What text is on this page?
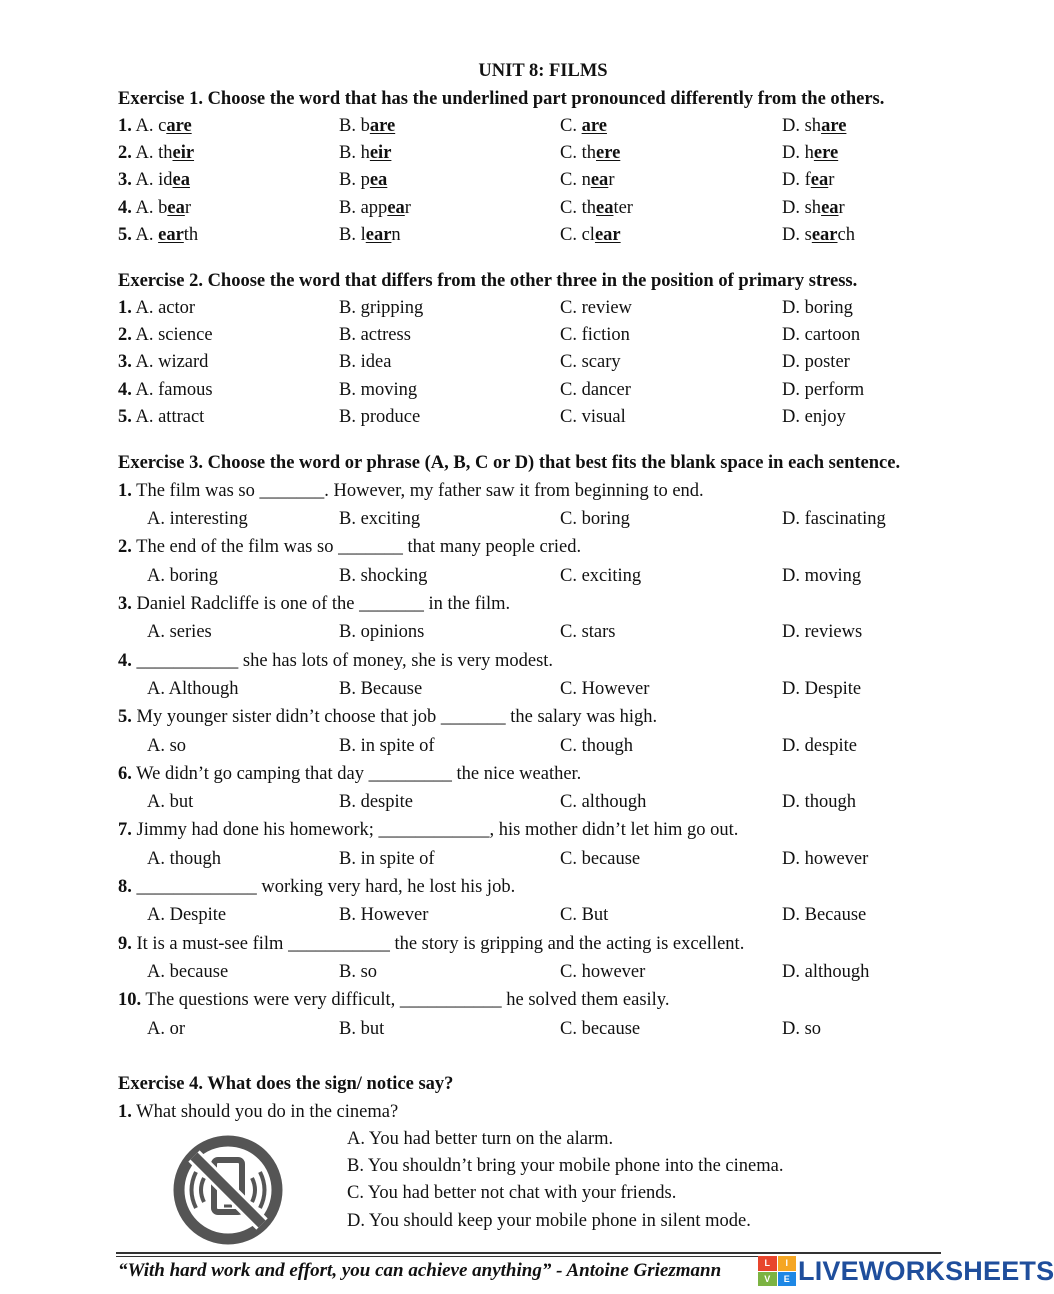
UNIT 8: FILMS
Exercise 1. Choose the word that has the underlined part pronounced differently from the others.
1. A. care	B. bare	C. are	D. share
2. A. their	B. heir	C. there	D. here
3. A. idea	B. pea	C. near	D. fear
4. A. bear	B. appear	C. theater	D. shear
5. A. earth	B. learn	C. clear	D. search
Exercise 2. Choose the word that differs from the other three in the position of primary stress.
1. A. actor	B. gripping	C. review	D. boring
2. A. science	B. actress	C. fiction	D. cartoon
3. A. wizard	B. idea	C. scary	D. poster
4. A. famous	B. moving	C. dancer	D. perform
5. A. attract	B. produce	C. visual	D. enjoy
Exercise 3. Choose the word or phrase (A, B, C or D) that best fits the blank space in each sentence.
1. The film was so _______. However, my father saw it from beginning to end.
A. interesting	B. exciting	C. boring	D. fascinating
2. The end of the film was so _______ that many people cried.
A. boring	B. shocking	C. exciting	D. moving
3. Daniel Radcliffe is one of the _______ in the film.
A. series	B. opinions	C. stars	D. reviews
4. ___________ she has lots of money, she is very modest.
A. Although	B. Because	C. However	D. Despite
5. My younger sister didn’t choose that job _______ the salary was high.
A. so	B. in spite of	C. though	D. despite
6. We didn’t go camping that day _________ the nice weather.
A. but	B. despite	C. although	D. though
7. Jimmy had done his homework; ____________, his mother didn’t let him go out.
A. though	B. in spite of	C. because	D. however
8. _____________ working very hard, he lost his job.
A. Despite	B. However	C. But	D. Because
9. It is a must-see film ___________ the story is gripping and the acting is excellent.
A. because	B. so	C. however	D. although
10. The questions were very difficult, ___________ he solved them easily.
A. or	B. but	C. because	D. so
Exercise 4. What does the sign/ notice say?
1. What should you do in the cinema?
A. You had better turn on the alarm.
B. You shouldn’t bring your mobile phone into the cinema.
C. You had better not chat with your friends.
D. You should keep your mobile phone in silent mode.
“With hard work and effort, you can achieve anything” - Antoine Griezmann	L	I
V	E LIVEWORKSHEETS
